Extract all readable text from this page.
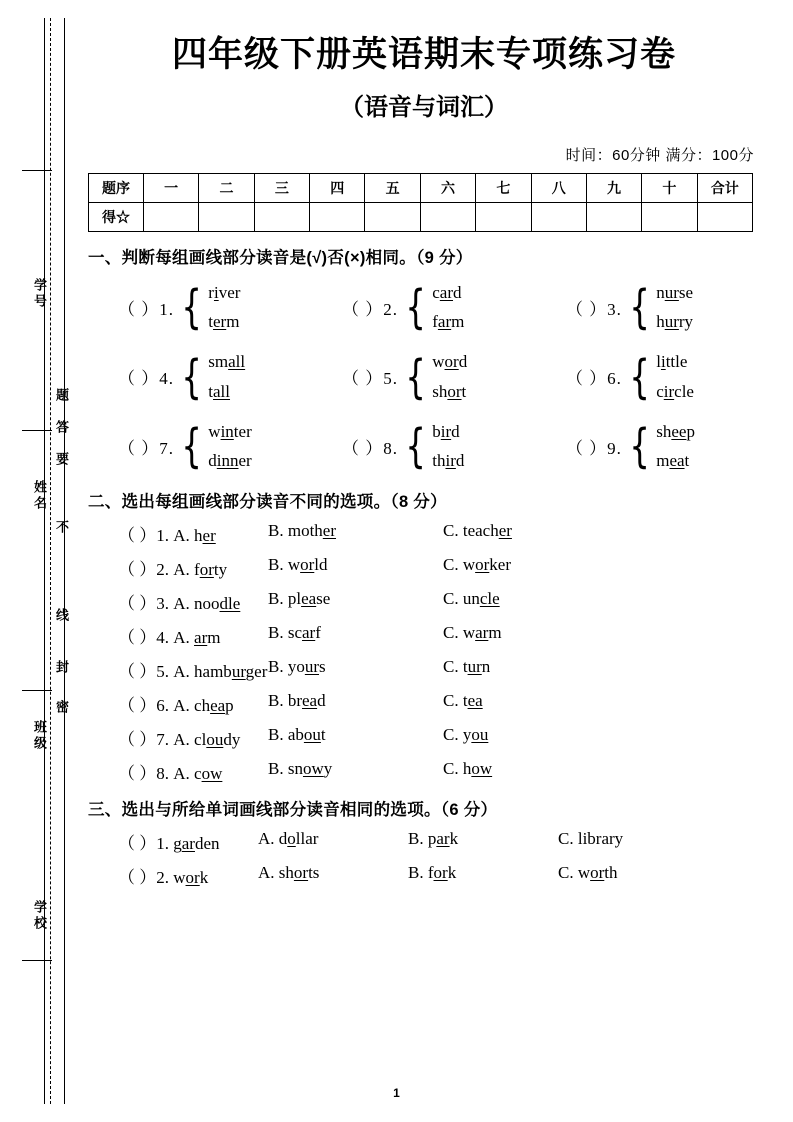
学号
姓名
班级
学校
题
答
要
不
线
封
密
四年级下册英语期末专项练习卷
（语音与词汇）
时间：60分钟 满分：100分
题序	一	二	三	四	五	六	七	八	九	十	合计
得☆											
一、判断每组画线部分读音是(√)否(×)相同。（9 分）
（ ）1. { river
term
（ ）2. { card
farm
（ ）3. { nurse
hurry
（ ）4. { small
tall
（ ）5. { word
short
（ ）6. { little
circle
（ ）7. { winter
dinner
（ ）8. { bird
third
（ ）9. { sheep
meat
二、选出每组画线部分读音不同的选项。（8 分）
（ ）1. A. her	B. mother	C. teacher
（ ）2. A. forty	B. world	C. worker
（ ）3. A. noodle	B. please	C. uncle
（ ）4. A. arm	B. scarf	C. warm
（ ）5. A. hamburger B. yours	C. turn
（ ）6. A. cheap	B. bread	C. tea
（ ）7. A. cloudy	B. about	C. you
（ ）8. A. cow	B. snowy	C. how
三、选出与所给单词画线部分读音相同的选项。（6 分）
（ ）1. garden	A. dollar	B. park	C. library
（ ）2. work	A. shorts	B. fork	C. worth
1
